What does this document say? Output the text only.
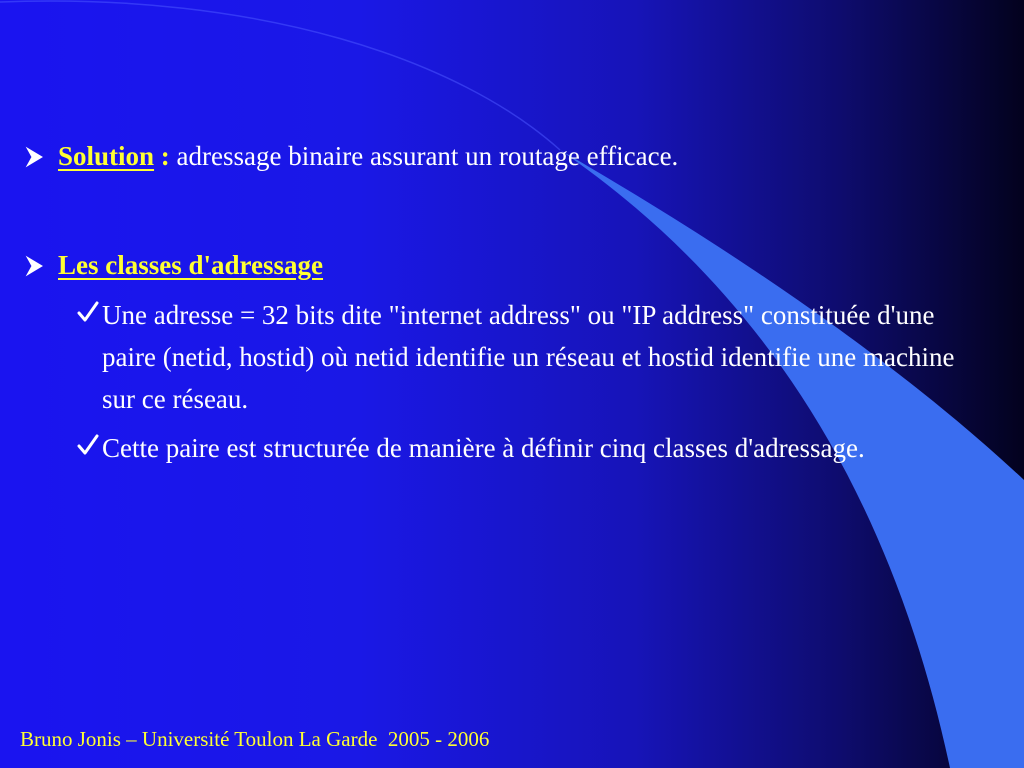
Solution : adressage binaire assurant un routage efficace.
Les classes d'adressage
Une adresse = 32 bits dite "internet address" ou "IP address" constituée d'une paire (netid, hostid) où netid identifie un réseau et hostid identifie une machine sur ce réseau.
Cette paire est structurée de manière à définir cinq classes d'adressage.
Bruno Jonis – Université Toulon La Garde  2005 - 2006
